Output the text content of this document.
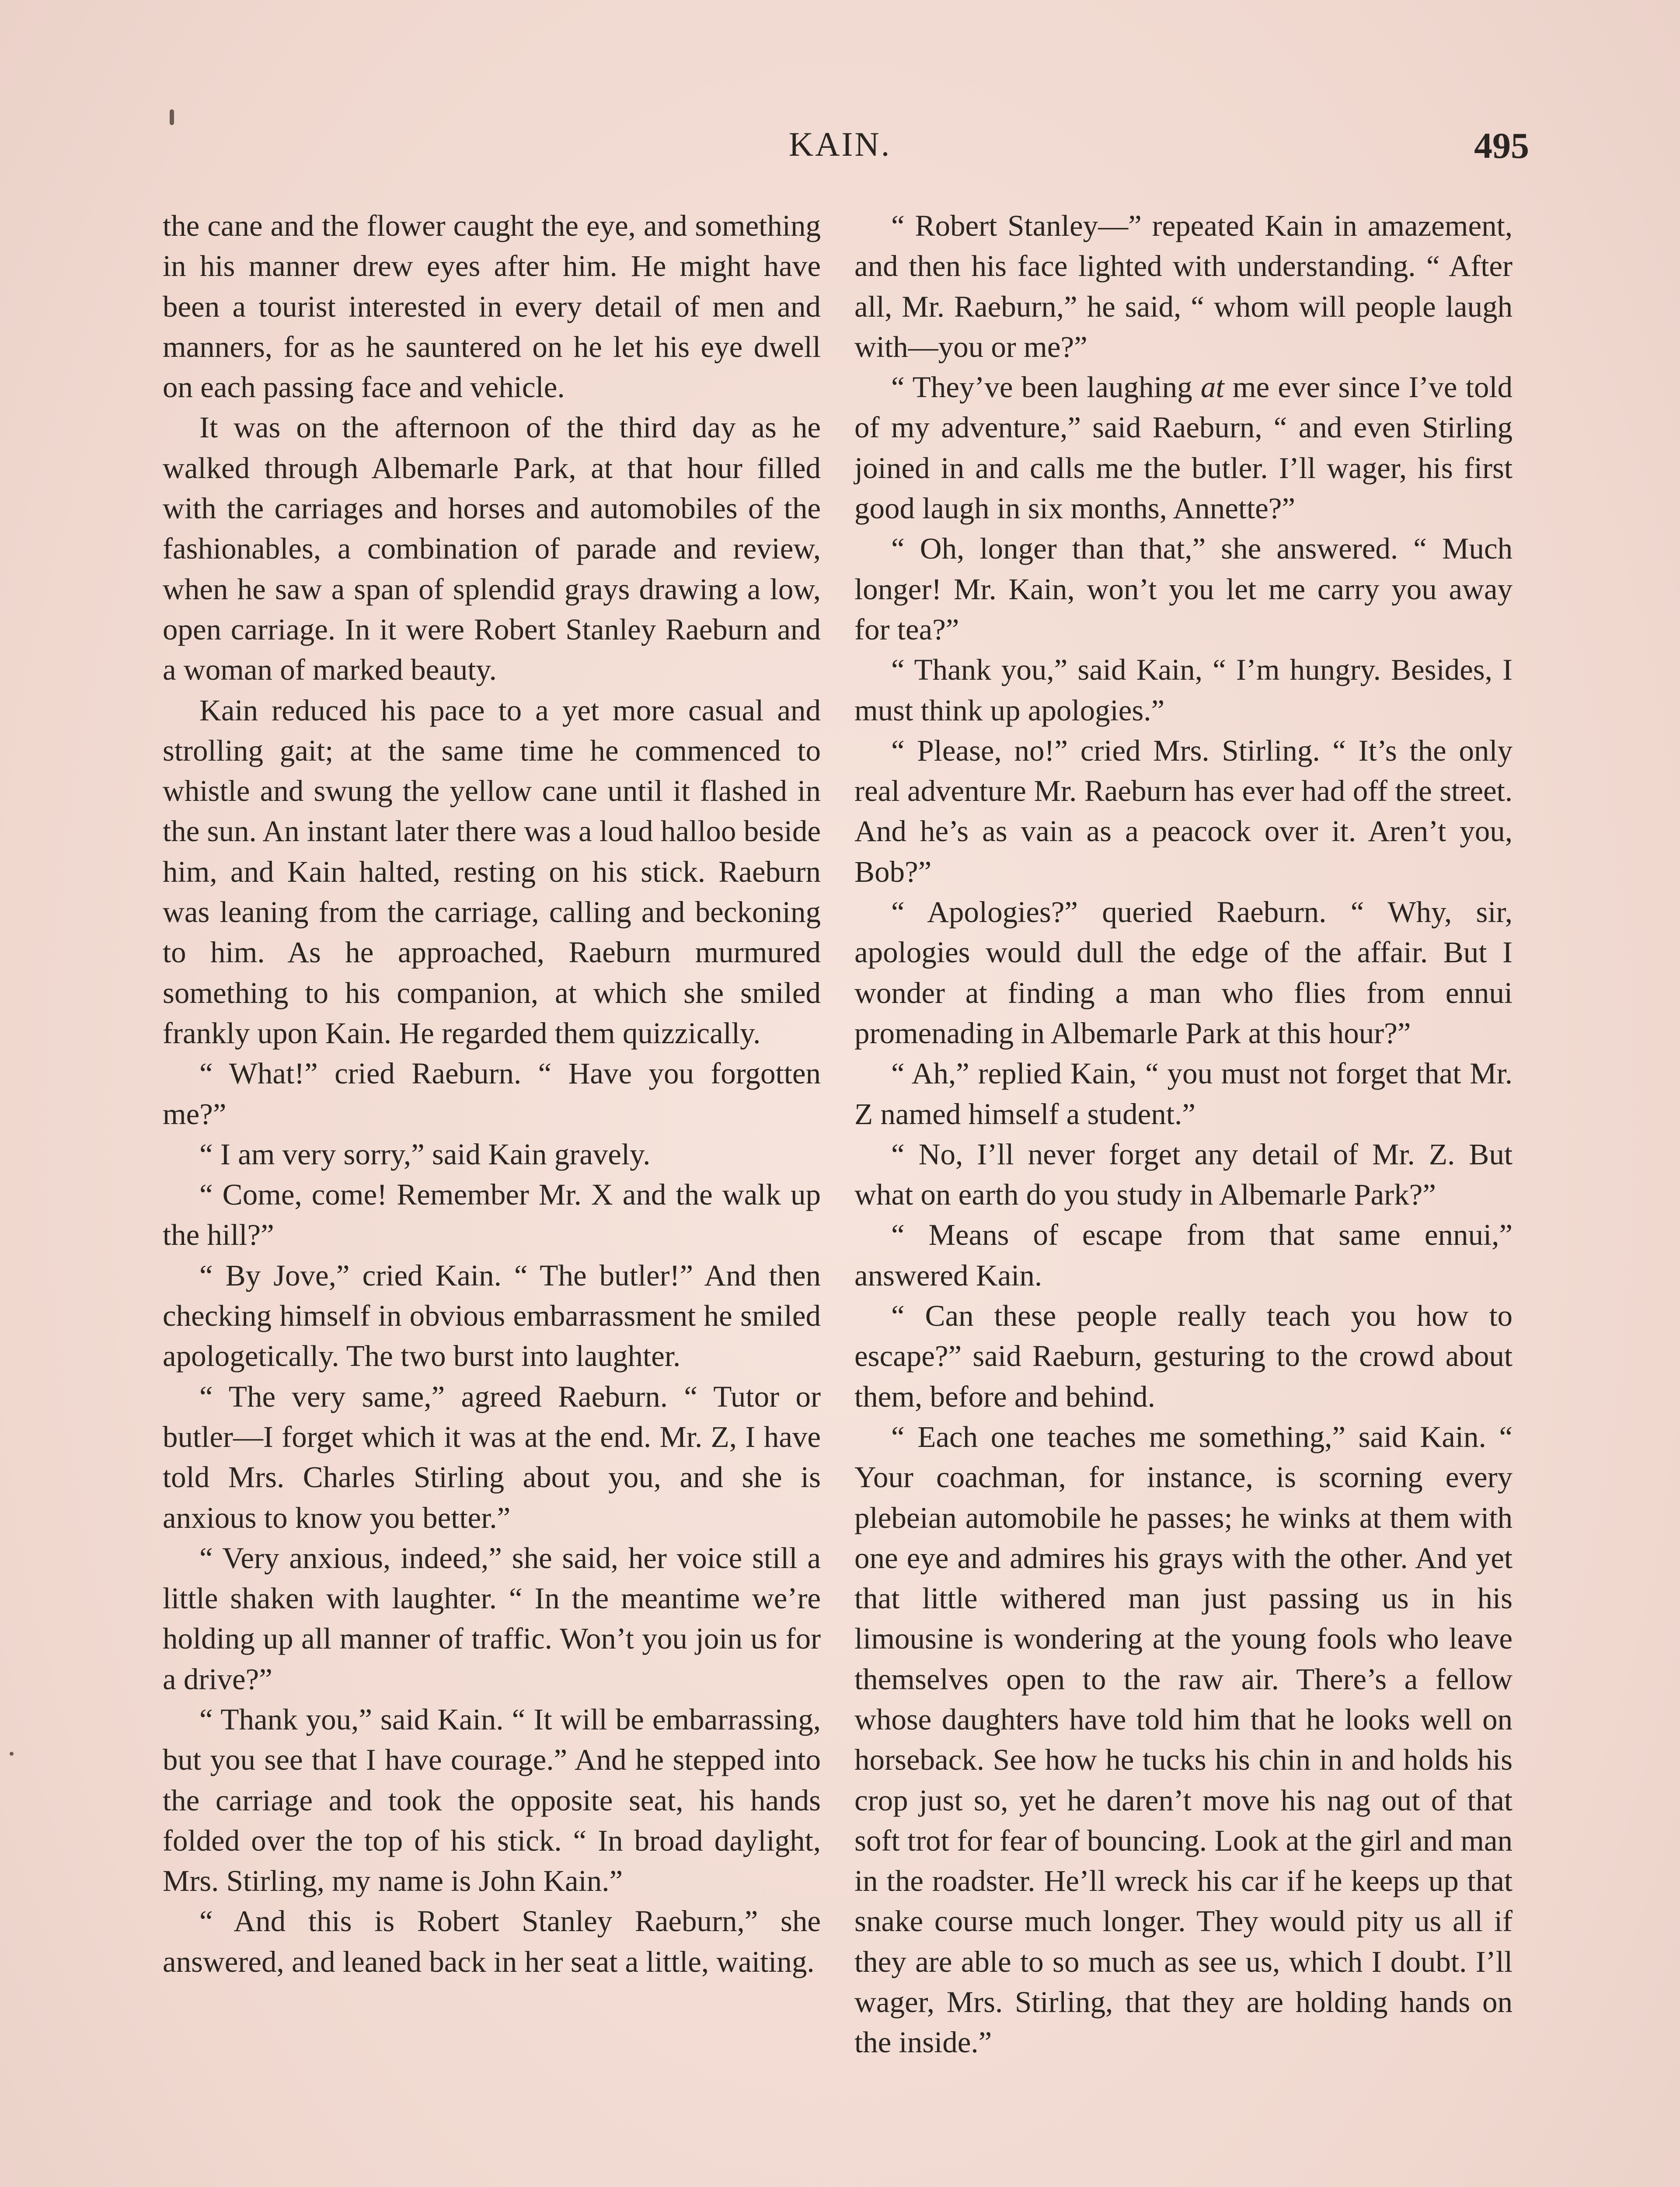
KAIN.	495

the cane and the flower caught the eye, and something in his manner drew eyes after him. He might have been a tourist interested in every detail of men and manners, for as he sauntered on he let his eye dwell on each passing face and vehicle.

It was on the afternoon of the third day as he walked through Albemarle Park, at that hour filled with the carriages and horses and automobiles of the fashionables, a combination of parade and review, when he saw a span of splendid grays drawing a low, open carriage. In it were Robert Stanley Raeburn and a woman of marked beauty.

Kain reduced his pace to a yet more casual and strolling gait; at the same time he commenced to whistle and swung the yellow cane until it flashed in the sun. An instant later there was a loud halloo beside him, and Kain halted, resting on his stick. Raeburn was leaning from the carriage, calling and beckoning to him. As he approached, Raeburn murmured something to his companion, at which she smiled frankly upon Kain. He regarded them quizzically.

“ What!” cried Raeburn. “ Have you forgotten me?”

“ I am very sorry,” said Kain gravely.

“ Come, come! Remember Mr. X and the walk up the hill?”

“ By Jove,” cried Kain. “ The butler!” And then checking himself in obvious embarrassment he smiled apologetically. The two burst into laughter.

“ The very same,” agreed Raeburn. “ Tutor or butler—I forget which it was at the end. Mr. Z, I have told Mrs. Charles Stirling about you, and she is anxious to know you better.”

“ Very anxious, indeed,” she said, her voice still a little shaken with laughter. “ In the meantime we’re holding up all manner of traffic. Won’t you join us for a drive?”

“ Thank you,” said Kain. “ It will be embarrassing, but you see that I have courage.” And he stepped into the carriage and took the opposite seat, his hands folded over the top of his stick. “ In broad daylight, Mrs. Stirling, my name is John Kain.”

“ And this is Robert Stanley Raeburn,” she answered, and leaned back in her seat a little, waiting.

“ Robert Stanley—” repeated Kain in amazement, and then his face lighted with understanding. “ After all, Mr. Raeburn,” he said, “ whom will people laugh with—you or me?”

“ They’ve been laughing at me ever since I’ve told of my adventure,” said Raeburn, “ and even Stirling joined in and calls me the butler. I’ll wager, his first good laugh in six months, Annette?”

“ Oh, longer than that,” she answered. “ Much longer! Mr. Kain, won’t you let me carry you away for tea?”

“ Thank you,” said Kain, “ I’m hungry. Besides, I must think up apologies.”

“ Please, no!” cried Mrs. Stirling. “ It’s the only real adventure Mr. Raeburn has ever had off the street. And he’s as vain as a peacock over it. Aren’t you, Bob?”

“ Apologies?” queried Raeburn. “ Why, sir, apologies would dull the edge of the affair. But I wonder at finding a man who flies from ennui promenading in Albemarle Park at this hour?”

“ Ah,” replied Kain, “ you must not forget that Mr. Z named himself a student.”

“ No, I’ll never forget any detail of Mr. Z. But what on earth do you study in Albemarle Park?”

“ Means of escape from that same ennui,” answered Kain.

“ Can these people really teach you how to escape?” said Raeburn, gesturing to the crowd about them, before and behind.

“ Each one teaches me something,” said Kain. “ Your coachman, for instance, is scorning every plebeian automobile he passes; he winks at them with one eye and admires his grays with the other. And yet that little withered man just passing us in his limousine is wondering at the young fools who leave themselves open to the raw air. There’s a fellow whose daughters have told him that he looks well on horseback. See how he tucks his chin in and holds his crop just so, yet he daren’t move his nag out of that soft trot for fear of bouncing. Look at the girl and man in the roadster. He’ll wreck his car if he keeps up that snake course much longer. They would pity us all if they are able to so much as see us, which I doubt. I’ll wager, Mrs. Stirling, that they are holding hands on the inside.”
